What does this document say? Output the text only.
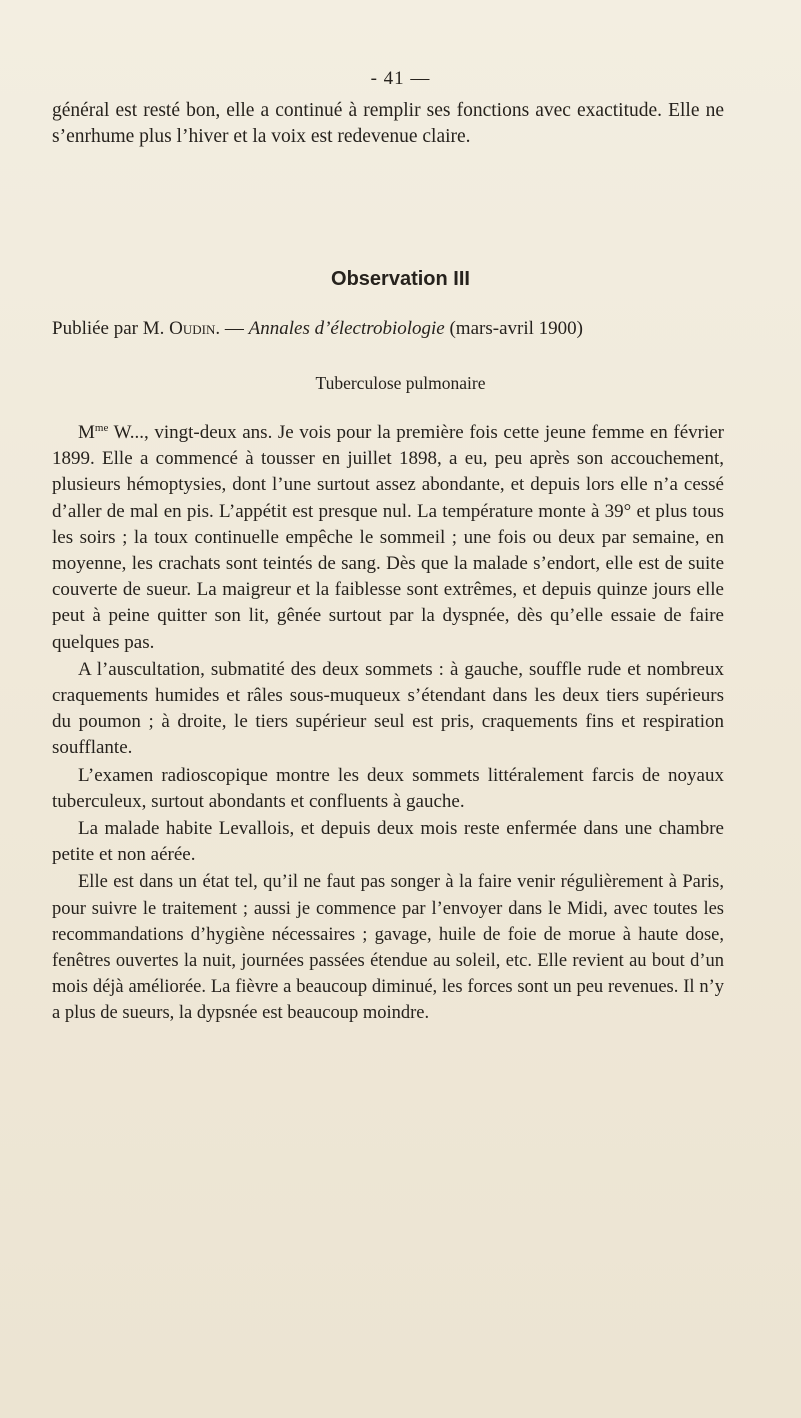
- 41 —

général est resté bon, elle a continué à remplir ses fonctions avec exactitude. Elle ne s’enrhume plus l’hiver et la voix est redevenue claire.

Observation III
Publiée par M. Oudin. — Annales d’électrobiologie (mars-avril 1900)
Tuberculose pulmonaire

$M^{me}$ W..., vingt-deux ans. Je vois pour la première fois cette jeune femme en février 1899. Elle a commencé à tousser en juillet 1898, a eu, peu après son accouchement, plusieurs hémoptysies, dont l’une surtout assez abondante, et depuis lors elle n’a cessé d’aller de mal en pis. L’appétit est presque nul. La température monte à 39° et plus tous les soirs ; la toux continuelle empêche le sommeil ; une fois ou deux par semaine, en moyenne, les crachats sont teintés de sang. Dès que la malade s’endort, elle est de suite couverte de sueur. La maigreur et la faiblesse sont extrêmes, et depuis quinze jours elle peut à peine quitter son lit, gênée surtout par la dyspnée, dès qu’elle essaie de faire quelques pas.

A l’auscultation, submatité des deux sommets : à gauche, souffle rude et nombreux craquements humides et râles sous-muqueux s’étendant dans les deux tiers supérieurs du poumon ; à droite, le tiers supérieur seul est pris, craquements fins et respiration soufflante.

L’examen radioscopique montre les deux sommets littéralement farcis de noyaux tuberculeux, surtout abondants et confluents à gauche.

La malade habite Levallois, et depuis deux mois reste enfermée dans une chambre petite et non aérée.

Elle est dans un état tel, qu’il ne faut pas songer à la faire venir régulièrement à Paris, pour suivre le traitement ; aussi je commence par l’envoyer dans le Midi, avec toutes les recommandations d’hygiène nécessaires ; gavage, huile de foie de morue à haute dose, fenêtres ouvertes la nuit, journées passées étendue au soleil, etc. Elle revient au bout d’un mois déjà améliorée. La fièvre a beaucoup diminué, les forces sont un peu revenues. Il n’y a plus de sueurs, la dypsnée est beaucoup moindre.
